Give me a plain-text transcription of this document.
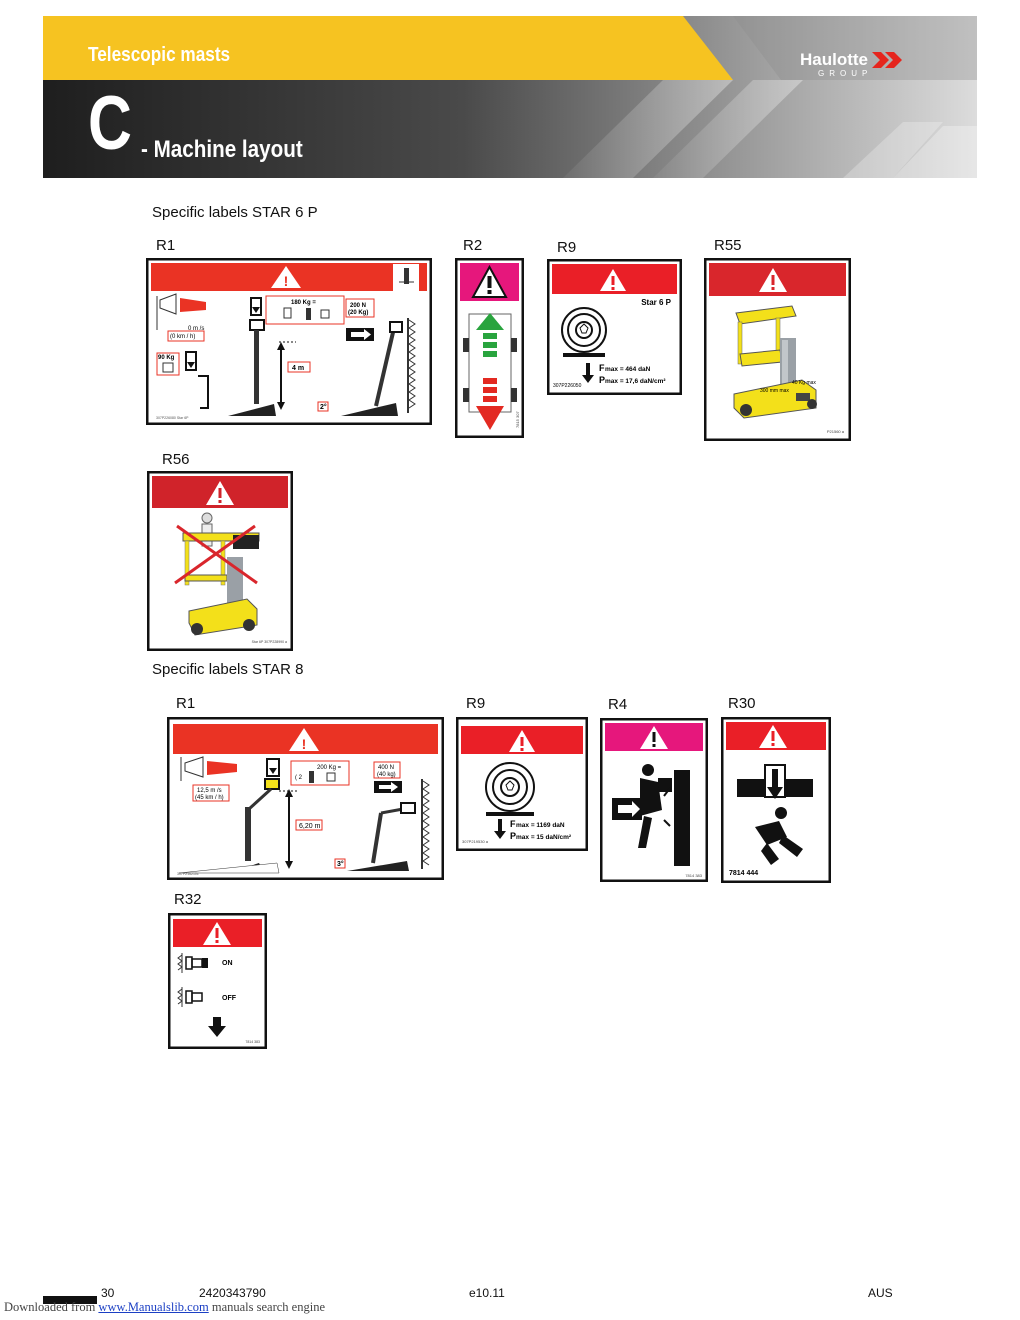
Telescopic masts
C - Machine layout
Haulotte
GROUP
Specific labels STAR 6 P
R1	R2	R9	R55
!
0 m /s
(0 km / h)
90 Kg
180 Kg =	200 N
(20 Kg)
4 m
2°
307P226080 Star 6P	7815 307
Star 6 P
307P226050
F max = 464 daN
P max = 17,6 daN/cm²	40 Kg max
300 mm max
P21560 a
R56
Star 6P 307P228990 a
Specific labels STAR 8
R1	R9	R4	R30
!
12,5 m /s
(45 km / h)
200 Kg =
( 2
400 N
(40 kg)
6,20 m
3°
307P216210c
307P219530 a
F max = 1169 daN
P max = 15 daN/cm²
7814 383	7814 444
R32
ON
OFF
7814 383
30	2420343790	e10.11	AUS
Downloaded from www.Manualslib.com manuals search engine
